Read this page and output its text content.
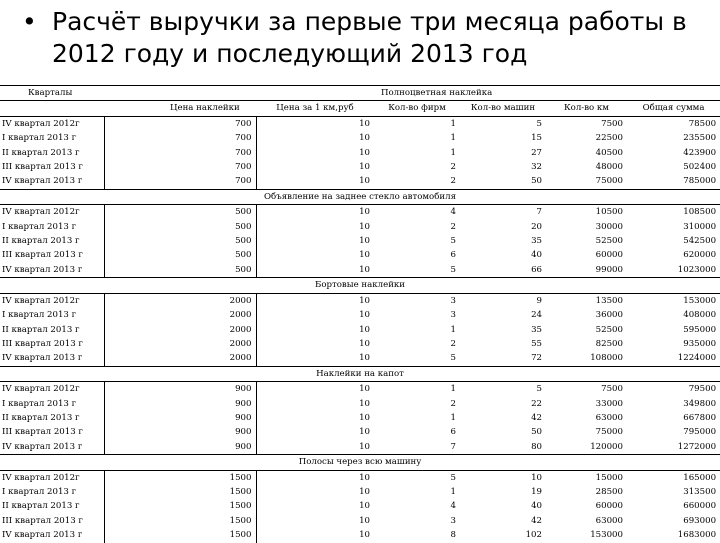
• Расчёт выручки за первые три месяца работы в 2012 году и последующий 2013 год
Кварталы	Полноцветная наклейка					
	Цена наклейки	Цена за 1 км,руб	Кол-во фирм	Кол-во машин	Кол-во км	Общая сумма
IV квартал 2012г	700	10	1	5	7500	78500
I квартал 2013 г	700	10	1	15	22500	235500
II квартал 2013 г	700	10	1	27	40500	423900
III квартал 2013 г	700	10	2	32	48000	502400
IV квартал 2013 г	700	10	2	50	75000	785000
Объявление на заднее стекло автомобиля						
IV квартал 2012г	500	10	4	7	10500	108500
I квартал 2013 г	500	10	2	20	30000	310000
II квартал 2013 г	500	10	5	35	52500	542500
III квартал 2013 г	500	10	6	40	60000	620000
IV квартал 2013 г	500	10	5	66	99000	1023000
Бортовые наклейки						
IV квартал 2012г	2000	10	3	9	13500	153000
I квартал 2013 г	2000	10	3	24	36000	408000
II квартал 2013 г	2000	10	1	35	52500	595000
III квартал 2013 г	2000	10	2	55	82500	935000
IV квартал 2013 г	2000	10	5	72	108000	1224000
Наклейки на капот						
IV квартал 2012г	900	10	1	5	7500	79500
I квартал 2013 г	900	10	2	22	33000	349800
II квартал 2013 г	900	10	1	42	63000	667800
III квартал 2013 г	900	10	6	50	75000	795000
IV квартал 2013 г	900	10	7	80	120000	1272000
Полосы через всю машину						
IV квартал 2012г	1500	10	5	10	15000	165000
I квартал 2013 г	1500	10	1	19	28500	313500
II квартал 2013 г	1500	10	4	40	60000	660000
III квартал 2013 г	1500	10	3	42	63000	693000
IV квартал 2013 г	1500	10	8	102	153000	1683000
